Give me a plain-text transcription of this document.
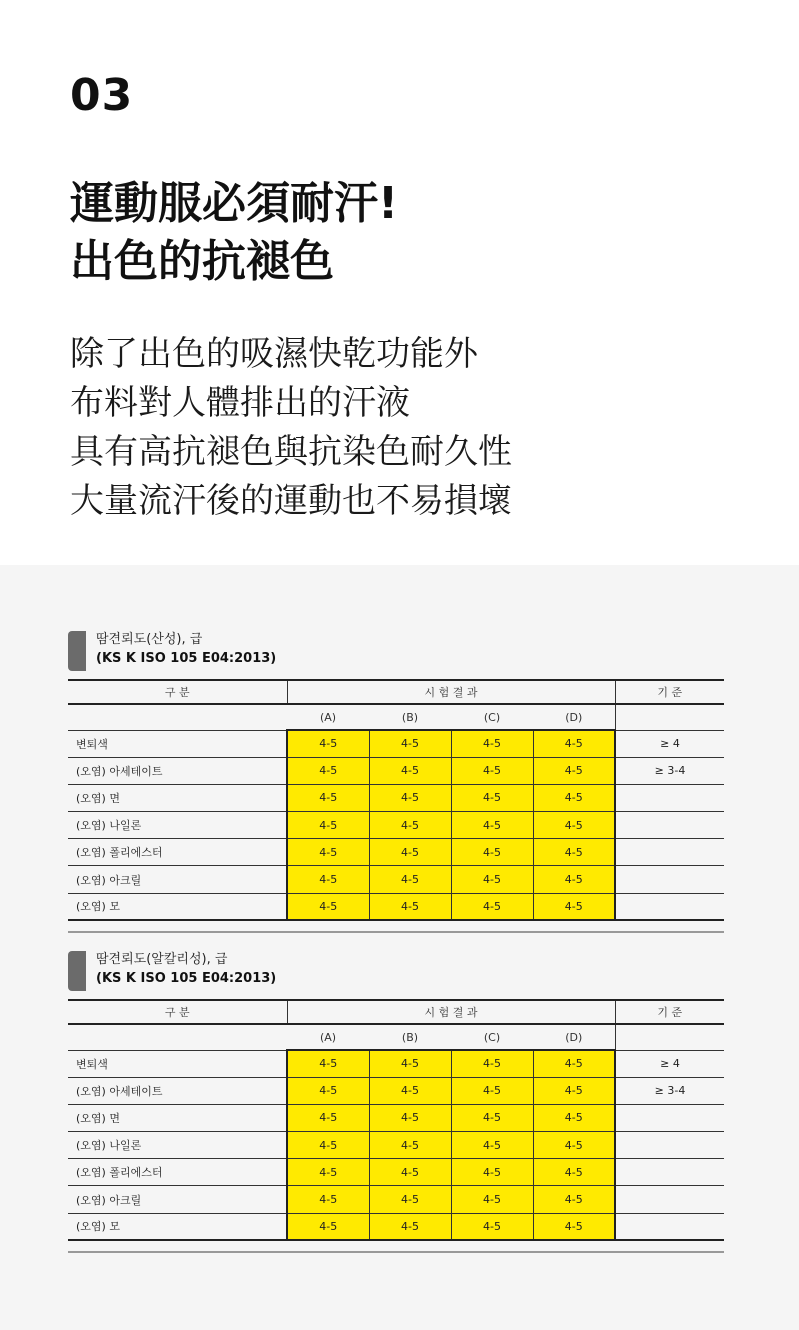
03
運動服必須耐汗!
出色的抗褪色
除了出色的吸濕快乾功能外
布料對人體排出的汗液
具有高抗褪色與抗染色耐久性
大量流汗後的運動也不易損壞
땀견뢰도(산성), 급
(KS K ISO 105 E04:2013)
구 분	시 험 결 과				기 준
	(A)	(B)	(C)	(D)	
변퇴색	4-5	4-5	4-5	4-5	≥ 4
(오염) 아세테이트	4-5	4-5	4-5	4-5	≥ 3-4
(오염) 면	4-5	4-5	4-5	4-5	
(오염) 나일론	4-5	4-5	4-5	4-5	
(오염) 폴리에스터	4-5	4-5	4-5	4-5	
(오염) 아크릴	4-5	4-5	4-5	4-5	
(오염) 모	4-5	4-5	4-5	4-5	
땀견뢰도(알칼리성), 급
(KS K ISO 105 E04:2013)
구 분	시 험 결 과				기 준
	(A)	(B)	(C)	(D)	
변퇴색	4-5	4-5	4-5	4-5	≥ 4
(오염) 아세테이트	4-5	4-5	4-5	4-5	≥ 3-4
(오염) 면	4-5	4-5	4-5	4-5	
(오염) 나일론	4-5	4-5	4-5	4-5	
(오염) 폴리에스터	4-5	4-5	4-5	4-5	
(오염) 아크릴	4-5	4-5	4-5	4-5	
(오염) 모	4-5	4-5	4-5	4-5	
